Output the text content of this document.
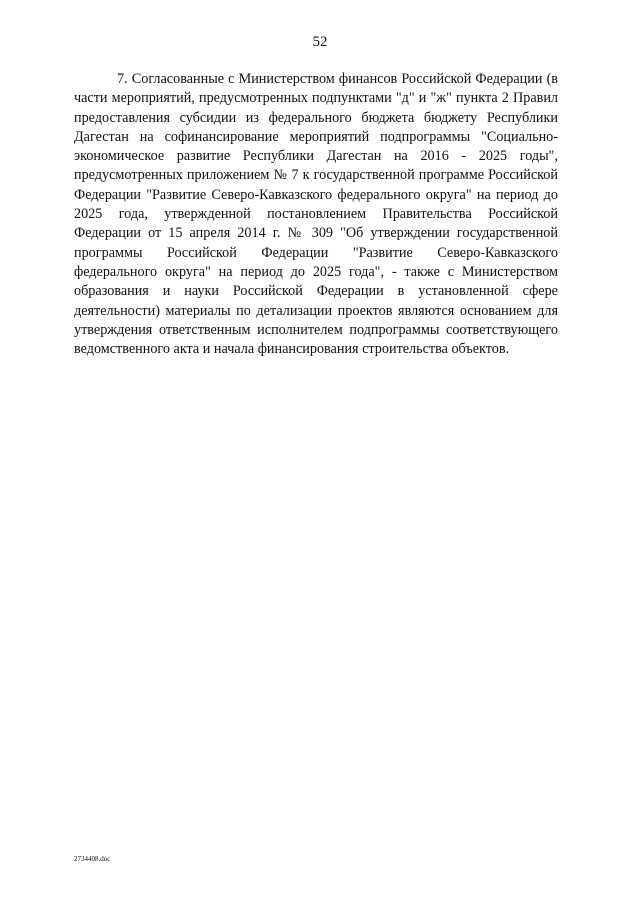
52

7. Согласованные с Министерством финансов Российской Федерации (в части мероприятий, предусмотренных подпунктами "д" и "ж" пункта 2 Правил предоставления субсидии из федерального бюджета бюджету Республики Дагестан на софинансирование мероприятий подпрограммы "Социально-экономическое развитие Республики Дагестан на 2016 - 2025 годы", предусмотренных приложением № 7 к государственной программе Российской Федерации "Развитие Северо-Кавказского федерального округа" на период до 2025 года, утвержденной постановлением Правительства Российской Федерации от 15 апреля 2014 г. № 309 "Об утверждении государственной программы Российской Федерации "Развитие Северо-Кавказского федерального округа" на период до 2025 года", - также с Министерством образования и науки Российской Федерации в установленной сфере деятельности) материалы по детализации проектов являются основанием для утверждения ответственным исполнителем подпрограммы соответствующего ведомственного акта и начала финансирования строительства объектов.

2734408.doc
